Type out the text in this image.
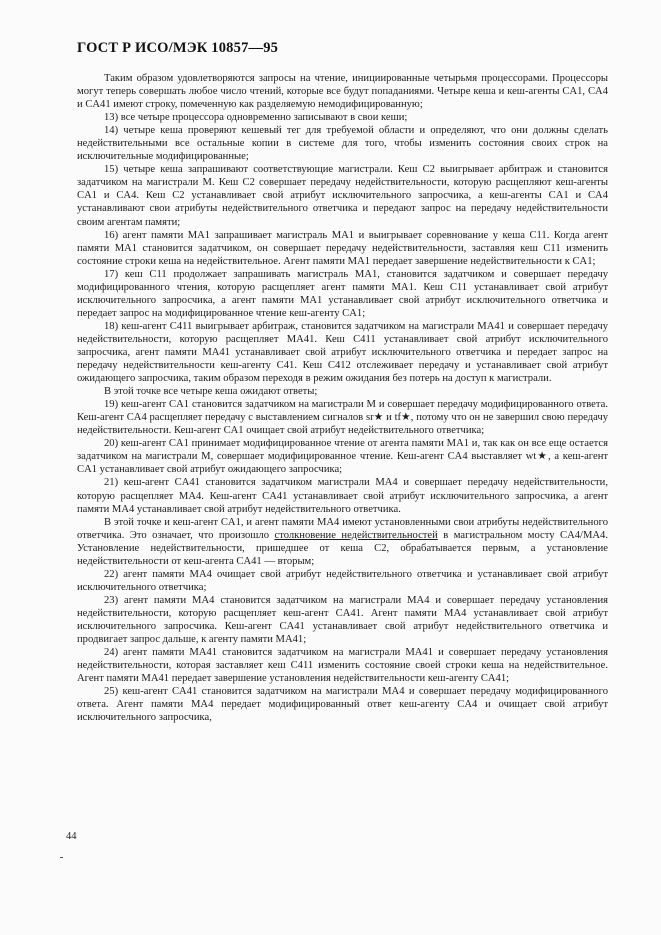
ГОСТ Р ИСО/МЭК 10857—95

Таким образом удовлетворяются запросы на чтение, инициированные четырьмя процессорами. Процессоры могут теперь совершать любое число чтений, которые все будут попаданиями. Четыре кеша и кеш-агенты CA1, CA4 и CA41 имеют строку, помеченную как разделяемую немодифицированную;

13) все четыре процессора одновременно записывают в свои кеши;

14) четыре кеша проверяют кешевый тег для требуемой области и определяют, что они должны сделать недействительными все остальные копии в системе для того, чтобы изменить состояния своих строк на исключительные модифицированные;

15) четыре кеша запрашивают соответствующие магистрали. Кеш C2 выигрывает арбитраж и становится задатчиком на магистрали М. Кеш C2 совершает передачу недействительности, которую расщепляют кеш-агенты CA1 и CA4. Кеш C2 устанавливает свой атрибут исключительного запросчика, а кеш-агенты CA1 и CA4 устанавливают свои атрибуты недействительного ответчика и передают запрос на передачу недействительности своим агентам памяти;

16) агент памяти MA1 запрашивает магистраль MA1 и выигрывает соревнование у кеша C11. Когда агент памяти MA1 становится задатчиком, он совершает передачу недействительности, заставляя кеш C11 изменить состояние строки кеша на недействительное. Агент памяти MA1 передает завершение недействительности к CA1;

17) кеш C11 продолжает запрашивать магистраль MA1, становится задатчиком и совершает передачу модифицированного чтения, которую расщепляет агент памяти MA1. Кеш C11 устанавливает свой атрибут исключительного запросчика, а агент памяти MA1 устанавливает свой атрибут исключительного ответчика и передает запрос на модифицированное чтение кеш-агенту CA1;

18) кеш-агент C411 выигрывает арбитраж, становится задатчиком на магистрали MA41 и совершает передачу недействительности, которую расщепляет MA41. Кеш C411 устанавливает свой атрибут исключительного запросчика, агент памяти MA41 устанавливает свой атрибут исключительного ответчика и передает запрос на передачу недействительности кеш-агенту C41. Кеш C412 отслеживает передачу и устанавливает свой атрибут ожидающего запросчика, таким образом переходя в режим ожидания без потерь на доступ к магистрали.

В этой точке все четыре кеша ожидают ответы;

19) кеш-агент CA1 становится задатчиком на магистрали М и совершает передачу модифицированного ответа. Кеш-агент CA4 расщепляет передачу с выставлением сигналов sr★ и tf★, потому что он не завершил свою передачу недействительности. Кеш-агент CA1 очищает свой атрибут недействительного ответчика;

20) кеш-агент CA1 принимает модифицированное чтение от агента памяти MA1 и, так как он все еще остается задатчиком на магистрали М, совершает модифицированное чтение. Кеш-агент CA4 выставляет wt★, а кеш-агент CA1 устанавливает свой атрибут ожидающего запросчика;

21) кеш-агент CA41 становится задатчиком магистрали MA4 и совершает передачу недействительности, которую расщепляет MA4. Кеш-агент CA41 устанавливает свой атрибут исключительного запросчика, а агент памяти MA4 устанавливает свой атрибут недействительного ответчика.

В этой точке и кеш-агент CA1, и агент памяти MA4 имеют установленными свои атрибуты недействительного ответчика. Это означает, что произошло столкновение недействительностей в магистральном мосту CA4/MA4. Установление недействительности, пришедшее от кеша C2, обрабатывается первым, а установление недействительности от кеш-агента CA41 — вторым;

22) агент памяти MA4 очищает свой атрибут недействительного ответчика и устанавливает свой атрибут исключительного ответчика;

23) агент памяти MA4 становится задатчиком на магистрали MA4 и совершает передачу установления недействительности, которую расщепляет кеш-агент CA41. Агент памяти MA4 устанавливает свой атрибут исключительного запросчика. Кеш-агент CA41 устанавливает свой атрибут недействительного ответчика и продвигает запрос дальше, к агенту памяти MA41;

24) агент памяти MA41 становится задатчиком на магистрали MA41 и совершает передачу установления недействительности, которая заставляет кеш C411 изменить состояние своей строки кеша на недействительное. Агент памяти MA41 передает завершение установления недействительности кеш-агенту CA41;

25) кеш-агент CA41 становится задатчиком на магистрали MA4 и совершает передачу модифицированного ответа. Агент памяти MA4 передает модифицированный ответ кеш-агенту CA4 и очищает свой атрибут исключительного запросчика,

44
